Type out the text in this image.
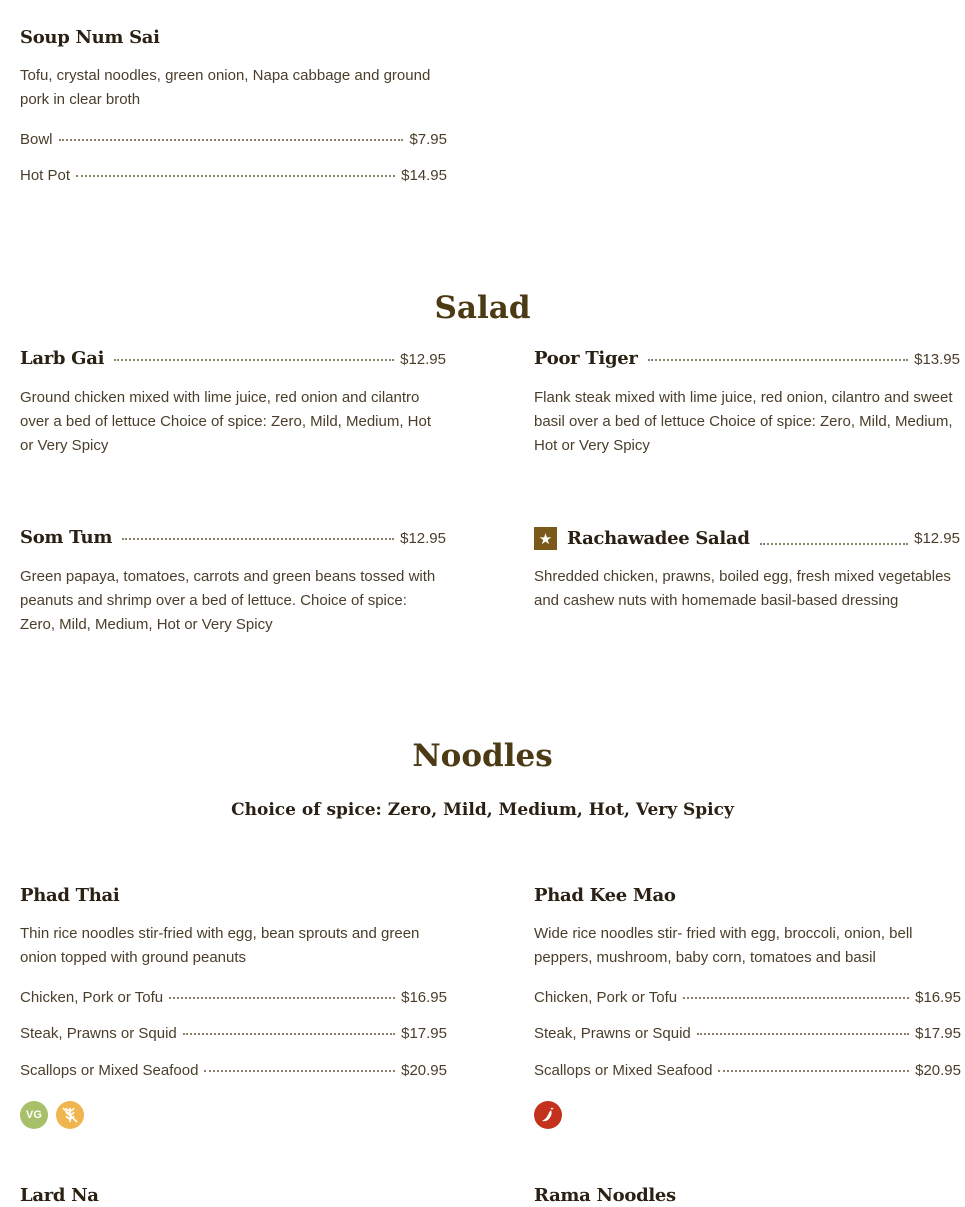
Soup Num Sai
Tofu, crystal noodles, green onion, Napa cabbage and ground pork in clear broth
Bowl	$7.95
Hot Pot	$14.95
Salad
Larb Gai	$12.95
Ground chicken mixed with lime juice, red onion and cilantro over a bed of lettuce Choice of spice: Zero, Mild, Medium, Hot or Very Spicy
Poor Tiger	$13.95
Flank steak mixed with lime juice, red onion, cilantro and sweet basil over a bed of lettuce Choice of spice: Zero, Mild, Medium, Hot or Very Spicy
Som Tum	$12.95
Green papaya, tomatoes, carrots and green beans tossed with peanuts and shrimp over a bed of lettuce. Choice of spice: Zero, Mild, Medium, Hot or Very Spicy
★ Rachawadee Salad	$12.95
Shredded chicken, prawns, boiled egg, fresh mixed vegetables and cashew nuts with homemade basil-based dressing
Noodles
Choice of spice: Zero, Mild, Medium, Hot, Very Spicy
Phad Thai
Thin rice noodles stir-fried with egg, bean sprouts and green onion topped with ground peanuts
Chicken, Pork or Tofu	$16.95
Steak, Prawns or Squid	$17.95
Scallops or Mixed Seafood	$20.95
VG
Phad Kee Mao
Wide rice noodles stir- fried with egg, broccoli, onion, bell peppers, mushroom, baby corn, tomatoes and basil
Chicken, Pork or Tofu	$16.95
Steak, Prawns or Squid	$17.95
Scallops or Mixed Seafood	$20.95
Lard Na	Rama Noodles
